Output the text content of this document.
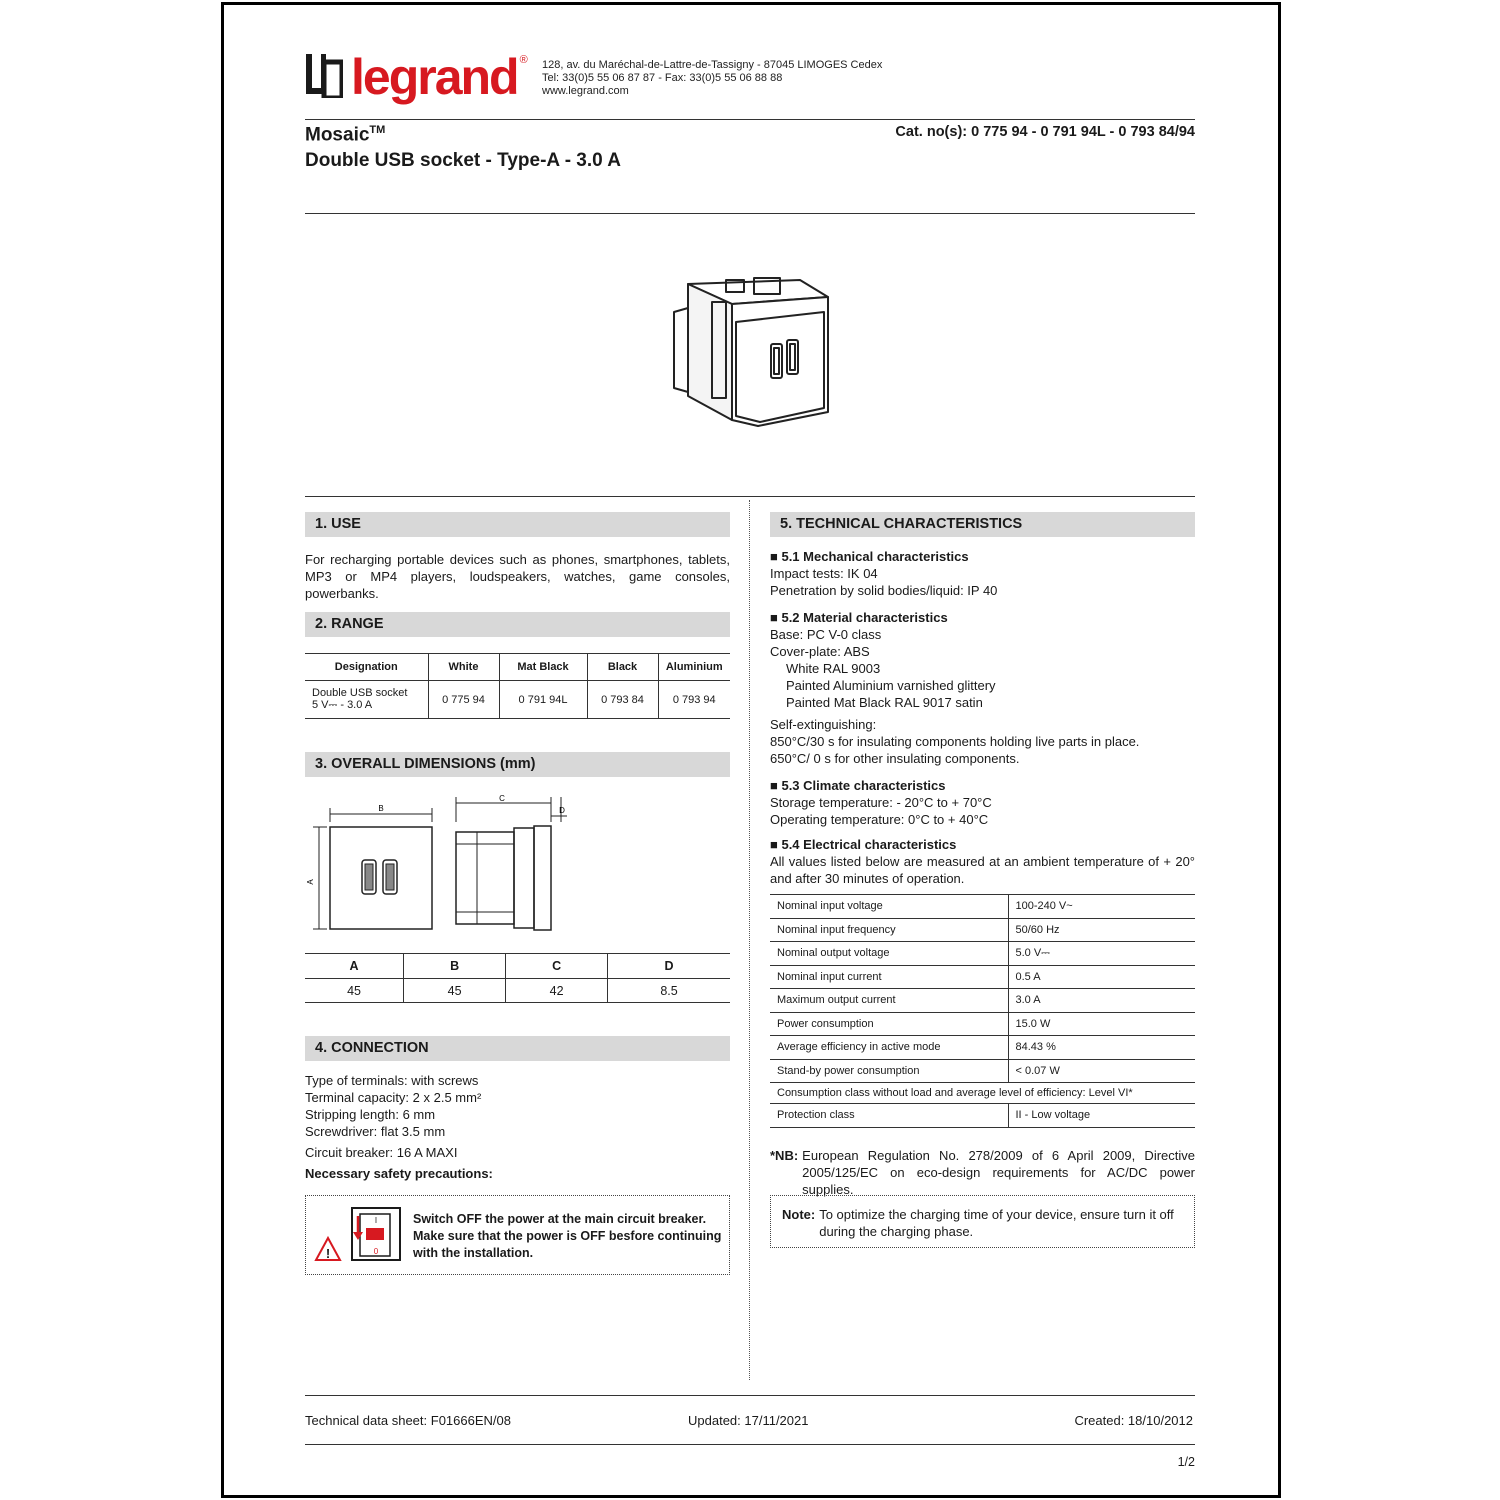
legrand ® 128, av. du Maréchal-de-Lattre-de-Tassigny - 87045 LIMOGES Cedex
Tel: 33(0)5 55 06 87 87 - Fax: 33(0)5 55 06 88 88
www.legrand.com
Mosaic™
Double USB socket - Type-A - 3.0 A
Cat. no(s): 0 775 94 - 0 791 94L - 0 793 84/94
1. USE
For recharging portable devices such as phones, smartphones, tablets, MP3 or MP4 players, loudspeakers, watches, game consoles, powerbanks.
2. RANGE
Designation	White	Mat Black	Black	Aluminium

Double USB socket
5 V⎓ - 3.0 A	0 775 94	0 791 94L	0 793 84	0 793 94
3. OVERALL DIMENSIONS (mm)
B
A
C
D
A	B	C	D
45	45	42	8.5
4. CONNECTION
Type of terminals: with screws
Terminal capacity: 2 x 2.5 mm²
Stripping length: 6 mm
Screwdriver: flat 3.5 mm
Circuit breaker: 16 A MAXI
Necessary safety precautions:
!
I
0
Switch OFF the power at the main circuit breaker. Make sure that the power is OFF besfore continuing with the installation.
5. TECHNICAL CHARACTERISTICS
■ 5.1 Mechanical characteristics
Impact tests: IK 04
Penetration by solid bodies/liquid: IP 40
■ 5.2 Material characteristics
Base: PC V-0 class
Cover-plate: ABS
White RAL 9003
Painted Aluminium varnished glittery
Painted Mat Black RAL 9017 satin
Self-extinguishing:
850°C/30 s for insulating components holding live parts in place.
650°C/ 0 s for other insulating components.
■ 5.3 Climate characteristics
Storage temperature: - 20°C to + 70°C
Operating temperature: 0°C to + 40°C
■ 5.4 Electrical characteristics
All values listed below are measured at an ambient temperature of + 20° and after 30 minutes of operation.
Nominal input voltage	100-240 V~
Nominal input frequency	50/60 Hz
Nominal output voltage	5.0 V⎓
Nominal input current	0.5 A
Maximum output current	3.0 A
Power consumption	15.0 W
Average efficiency in active mode	84.43 %
Stand-by power consumption	< 0.07 W
Consumption class without load and average level of efficiency: Level VI*	
Protection class	II - Low voltage
*NB: European Regulation No. 278/2009 of 6 April 2009, Directive 2005/125/EC on eco-design requirements for AC/DC power supplies.
Note: To optimize the charging time of your device, ensure turn it off during the charging phase.
Technical data sheet: F01666EN/08	Updated: 17/11/2021	Created: 18/10/2012
1/2
